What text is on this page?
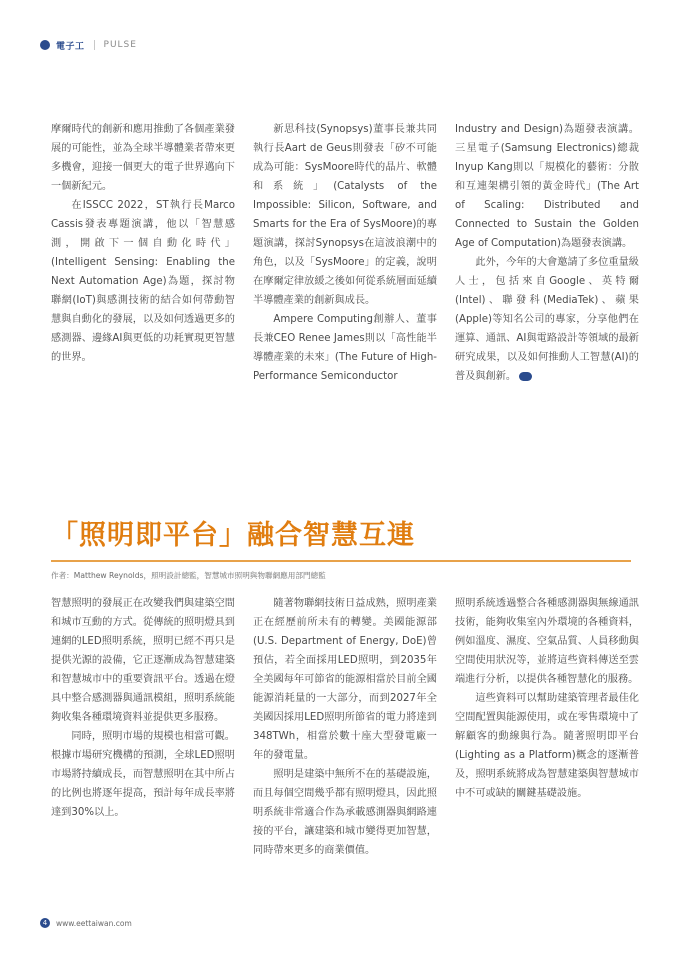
電子工 PULSE

摩爾時代的創新和應用推動了各個產業發展的可能性，並為全球半導體業者帶來更多機會，迎接一個更大的電子世界邁向下一個新紀元。

在ISSCC 2022，ST執行長Marco Cassis發表專題演講，他以「智慧感測，開啟下一個自動化時代」(Intelligent Sensing: Enabling the Next Automation Age)為題，探討物聯網(IoT)與感測技術的結合如何帶動智慧與自動化的發展，以及如何透過更多的感測器、邊緣AI與更低的功耗實現更智慧的世界。

新思科技(Synopsys)董事長兼共同執行長Aart de Geus則發表「矽不可能成為可能：SysMoore時代的晶片、軟體和系統」(Catalysts of the Impossible: Silicon, Software, and Smarts for the Era of SysMoore)的專題演講，探討Synopsys在這波浪潮中的角色，以及「SysMoore」的定義，說明在摩爾定律放緩之後如何從系統層面延續半導體產業的創新與成長。

Ampere Computing創辦人、董事長兼CEO Renee James則以「高性能半導體產業的未來」(The Future of High-Performance Semiconductor

Industry and Design)為題發表演講。三星電子(Samsung Electronics)總裁Inyup Kang則以「規模化的藝術：分散和互連架構引領的黃金時代」(The Art of Scaling: Distributed and Connected to Sustain the Golden Age of Computation)為題發表演講。

此外，今年的大會邀請了多位重量級人士，包括來自Google、英特爾(Intel)、聯發科(MediaTek)、蘋果(Apple)等知名公司的專家，分享他們在運算、通訊、AI與電路設計等領域的最新研究成果，以及如何推動人工智慧(AI)的普及與創新。

「照明即平台」融合智慧互連
作者：Matthew Reynolds，照明設計總監，智慧城市照明與物聯網應用部門總監

智慧照明的發展正在改變我們與建築空間和城市互動的方式。從傳統的照明燈具到連網的LED照明系統，照明已經不再只是提供光源的設備，它正逐漸成為智慧建築和智慧城市中的重要資訊平台。透過在燈具中整合感測器與通訊模組，照明系統能夠收集各種環境資料並提供更多服務。

同時，照明市場的規模也相當可觀。根據市場研究機構的預測，全球LED照明市場將持續成長，而智慧照明在其中所占的比例也將逐年提高，預計每年成長率將達到30%以上。

隨著物聯網技術日益成熟，照明產業正在經歷前所未有的轉變。美國能源部(U.S. Department of Energy, DoE)曾預估，若全面採用LED照明，到2035年全美國每年可節省的能源相當於目前全國能源消耗量的一大部分，而到2027年全美國因採用LED照明所節省的電力將達到348TWh，相當於數十座大型發電廠一年的發電量。

照明是建築中無所不在的基礎設施，而且每個空間幾乎都有照明燈具，因此照明系統非常適合作為承載感測器與網路連接的平台，讓建築和城市變得更加智慧，同時帶來更多的商業價值。

照明系統透過整合各種感測器與無線通訊技術，能夠收集室內外環境的各種資料，例如溫度、濕度、空氣品質、人員移動與空間使用狀況等，並將這些資料傳送至雲端進行分析，以提供各種智慧化的服務。

這些資料可以幫助建築管理者最佳化空間配置與能源使用，或在零售環境中了解顧客的動線與行為。隨著照明即平台(Lighting as a Platform)概念的逐漸普及，照明系統將成為智慧建築與智慧城市中不可或缺的關鍵基礎設施。

4	www.eettaiwan.com
